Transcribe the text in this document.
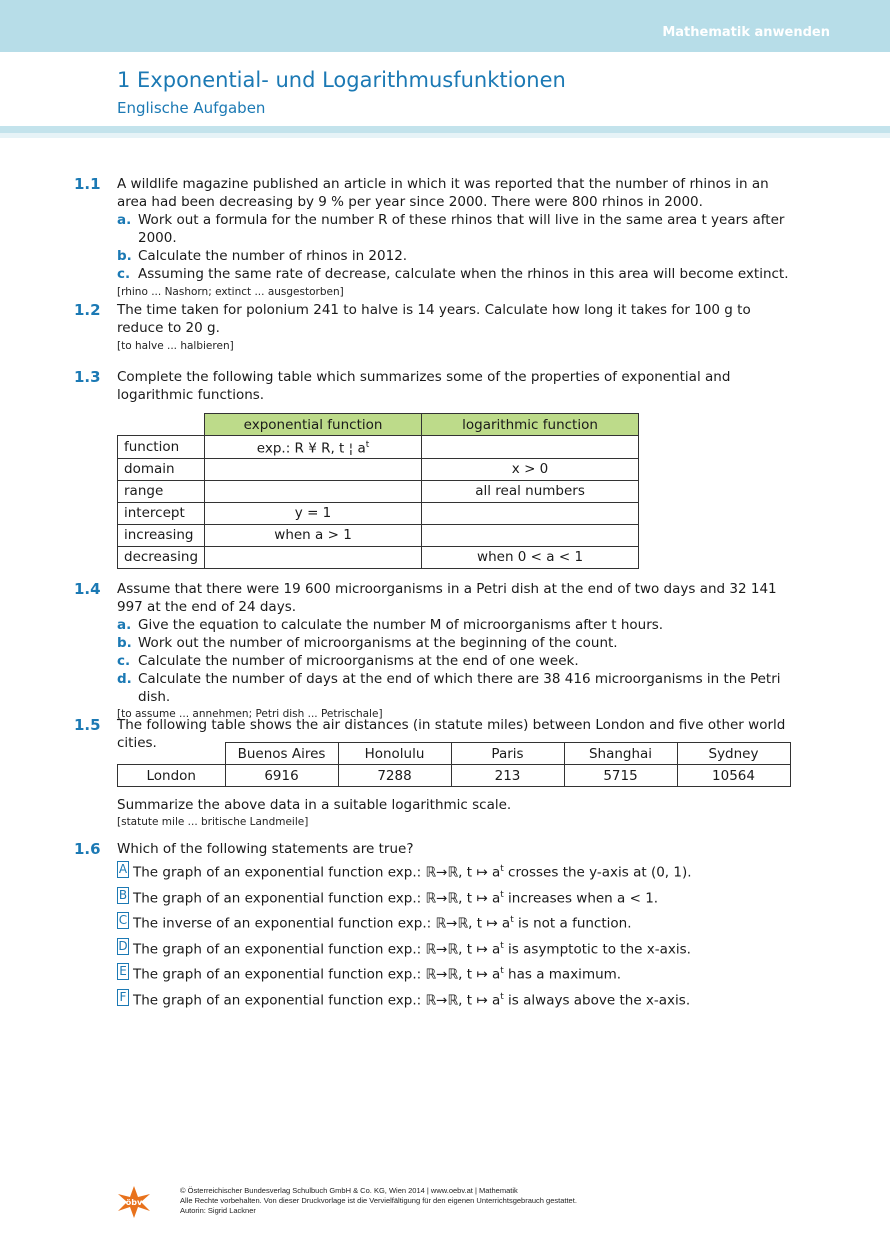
Mathematik anwenden
1 Exponential- und Logarithmusfunktionen
Englische Aufgaben
1.1 A wildlife magazine published an article in which it was reported that the number of rhinos in an area had been decreasing by 9 % per year since 2000. There were 800 rhinos in 2000.

a. Work out a formula for the number R of these rhinos that will live in the same area t years after 2000.

b. Calculate the number of rhinos in 2012.

c. Assuming the same rate of decrease, calculate when the rhinos in this area will become extinct.

[rhino ... Nashorn; extinct ... ausgestorben]

1.2 The time taken for polonium 241 to halve is 14 years. Calculate how long it takes for 100 g to reduce to 20 g.

[to halve ... halbieren]

1.3 Complete the following table which summarizes some of the properties of exponential and logarithmic functions.

	exponential function	logarithmic function
function	exp.: R ¥ R, t ¦ $a^t$	
domain		x > 0
range		all real numbers
intercept	y = 1	
increasing	when a > 1	
decreasing		when 0 < a < 1
1.4 Assume that there were 19 600 microorganisms in a Petri dish at the end of two days and 32 141 997 at the end of 24 days.

a. Give the equation to calculate the number M of microorganisms after t hours.

b. Work out the number of microorganisms at the beginning of the count.

c. Calculate the number of microorganisms at the end of one week.

d. Calculate the number of days at the end of which there are 38 416 microorganisms in the Petri dish.

[to assume ... annehmen; Petri dish ... Petrischale]

1.5 The following table shows the air distances (in statute miles) between London and five other world cities.

	Buenos Aires	Honolulu	Paris	Shanghai	Sydney
London	6916	7288	213	5715	10564

Summarize the above data in a suitable logarithmic scale.

[statute mile ... britische Landmeile]

1.6 Which of the following statements are true?

A The graph of an exponential function exp.: ℝ→ℝ, t ↦ $a^t$ crosses the y-axis at (0, 1).

B The graph of an exponential function exp.: ℝ→ℝ, t ↦ $a^t$ increases when a < 1.

C The inverse of an exponential function exp.: ℝ→ℝ, t ↦ $a^t$ is not a function.

D The graph of an exponential function exp.: ℝ→ℝ, t ↦ $a^t$ is asymptotic to the x-axis.

E The graph of an exponential function exp.: ℝ→ℝ, t ↦ $a^t$ has a maximum.

F The graph of an exponential function exp.: ℝ→ℝ, t ↦ $a^t$ is always above the x-axis.

öbv
© Österreichischer Bundesverlag Schulbuch GmbH & Co. KG, Wien 2014 | www.oebv.at | Mathematik
Alle Rechte vorbehalten. Von dieser Druckvorlage ist die Vervielfältigung für den eigenen Unterrichtsgebrauch gestattet.
Autorin: Sigrid Lackner
